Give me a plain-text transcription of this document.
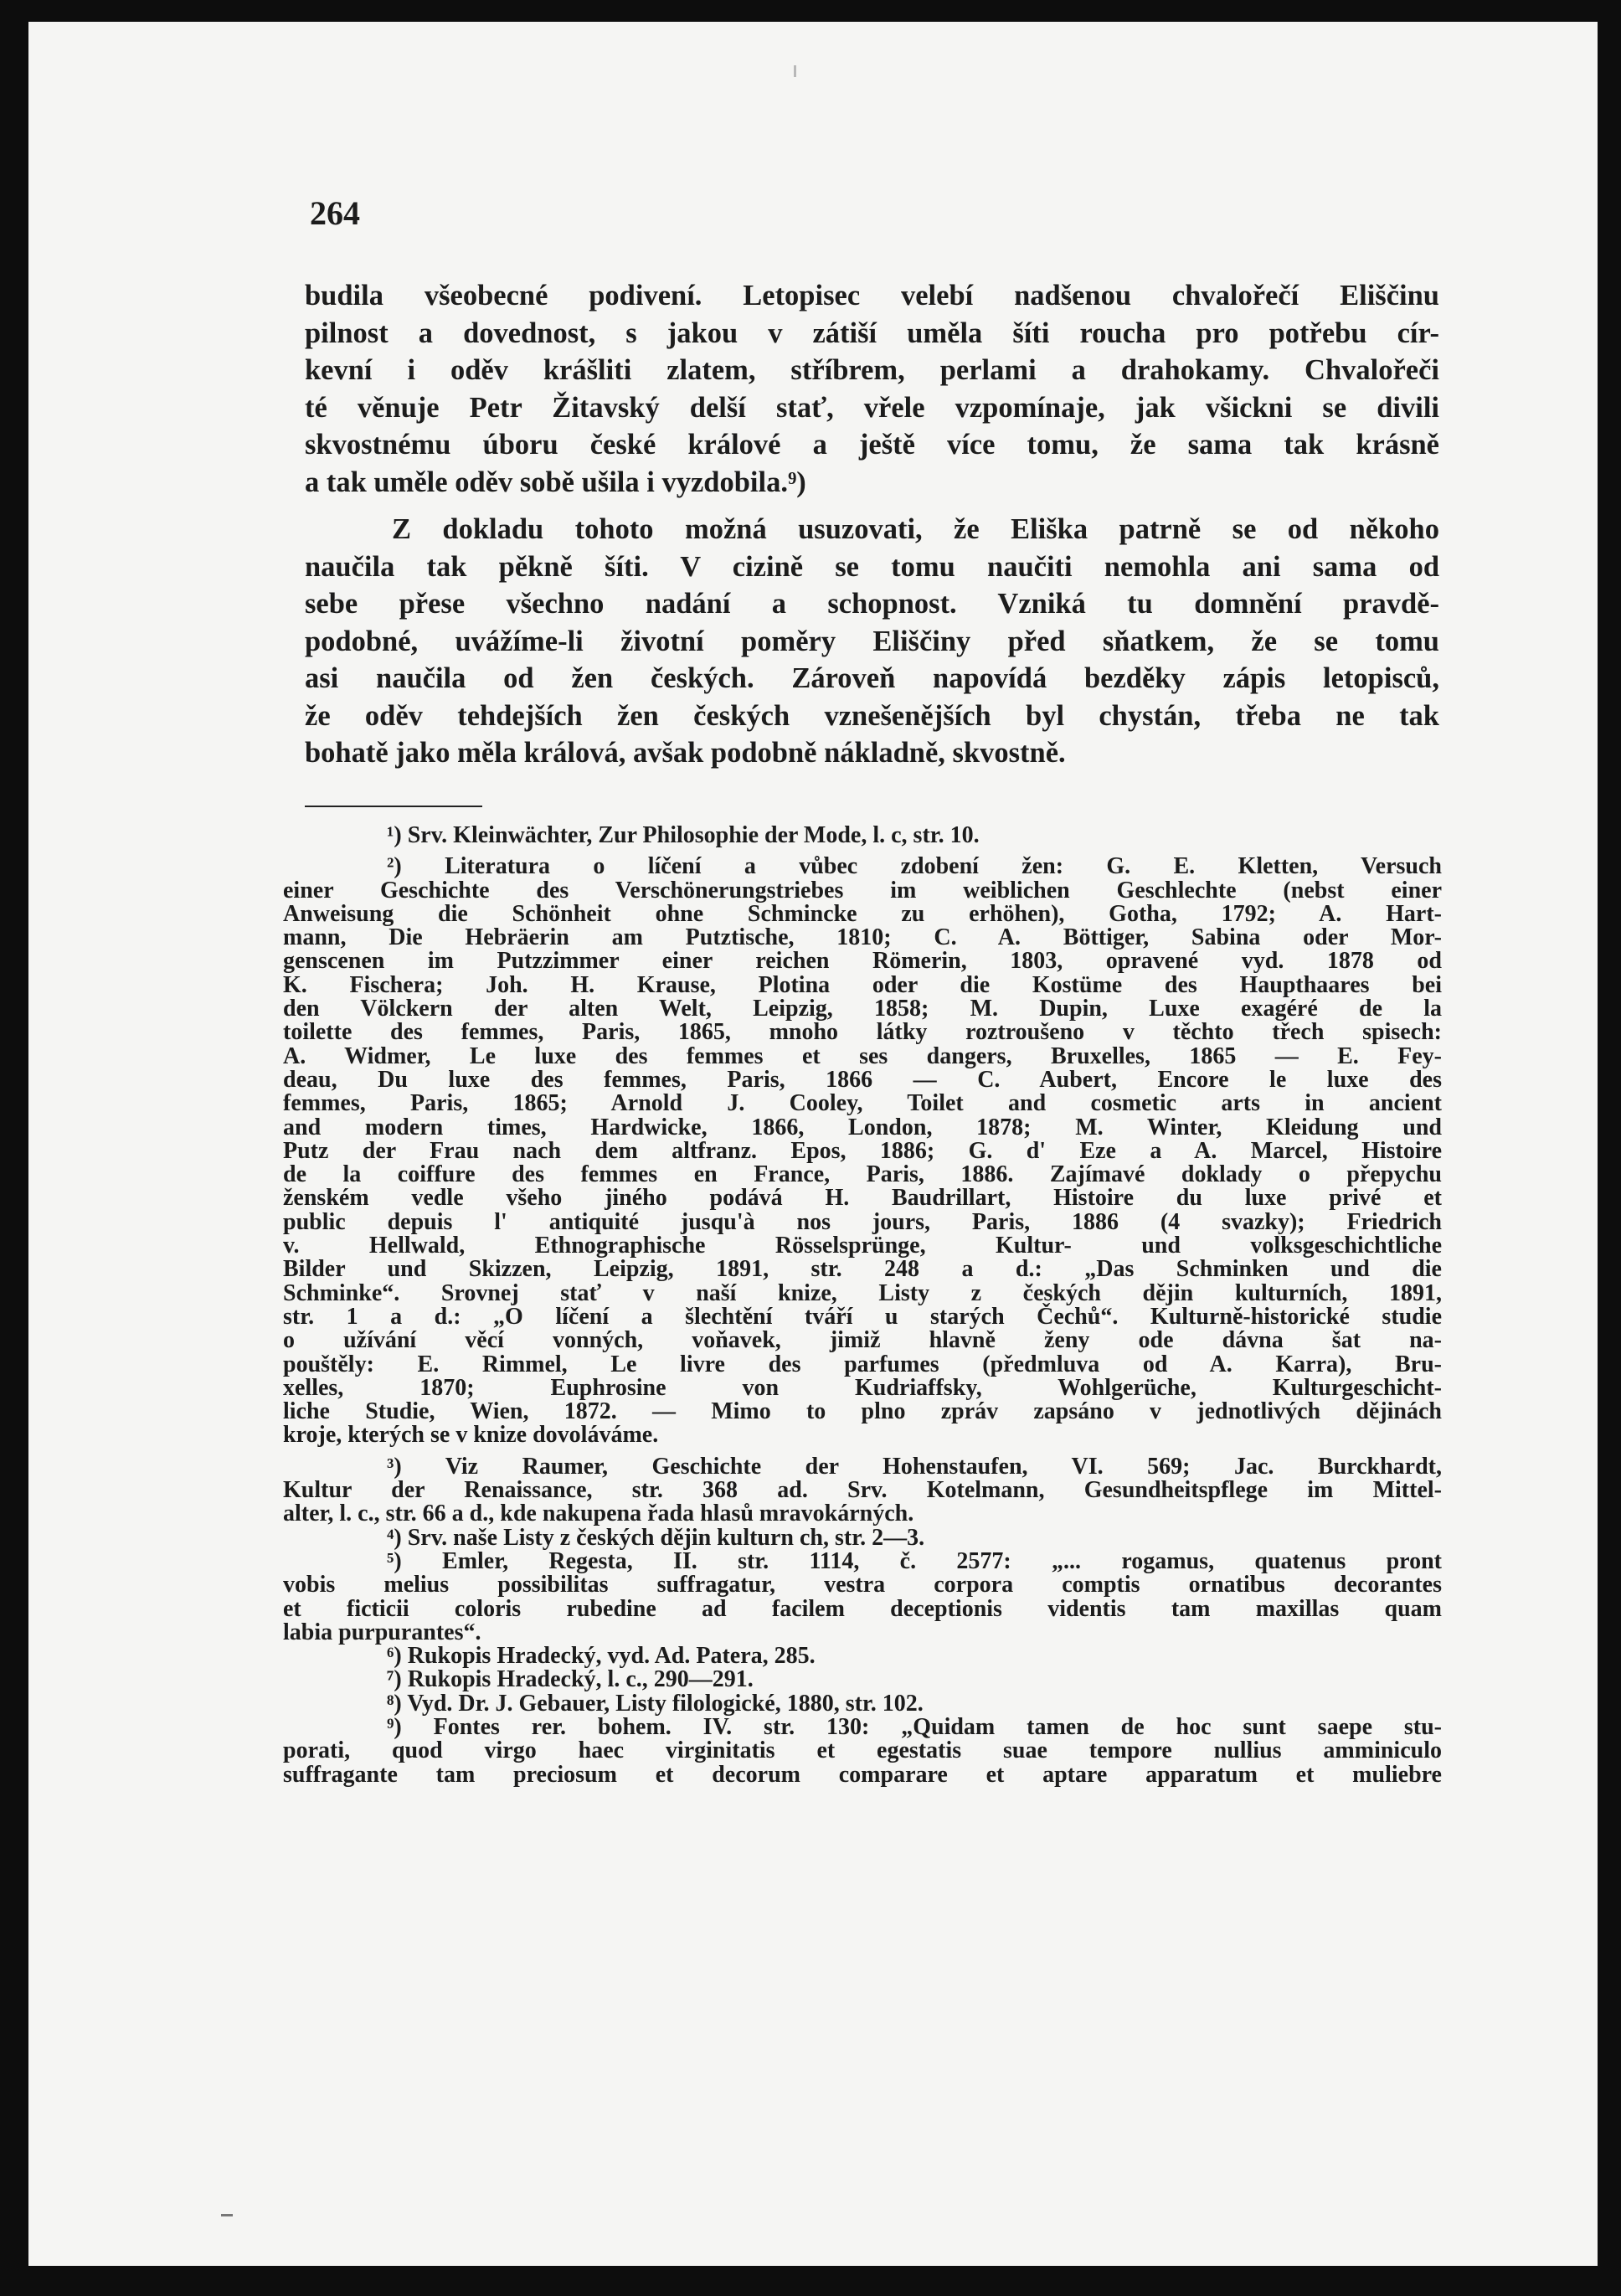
264

budila všeobecné podivení. Letopisec velebí nadšenou chvalořečí Eliščinu

pilnost a dovednost, s jakou v zátiší uměla šíti roucha pro potřebu cír-

kevní i oděv krášliti zlatem, stříbrem, perlami a drahokamy. Chvalořeči

té věnuje Petr Žitavský delší stať, vřele vzpomínaje, jak všickni se divili

skvostnému úboru české králové a ještě více tomu, že sama tak krásně

a tak uměle oděv sobě ušila i vyzdobila.⁹)

Z dokladu tohoto možná usuzovati, že Eliška patrně se od někoho

naučila tak pěkně šíti. V cizině se tomu naučiti nemohla ani sama od

sebe přese všechno nadání a schopnost. Vzniká tu domnění pravdě-

podobné, uvážíme-li životní poměry Eliščiny před sňatkem, že se tomu

asi naučila od žen českých. Zároveň napovídá bezděky zápis letopisců,

že oděv tehdejších žen českých vznešenějších byl chystán, třeba ne tak

bohatě jako měla králová, avšak podobně nákladně, skvostně.

¹) Srv. Kleinwächter, Zur Philosophie der Mode, l. c, str. 10.

²) Literatura o líčení a vůbec zdobení žen: G. E. Kletten, Versuch

einer Geschichte des Verschönerungstriebes im weiblichen Geschlechte (nebst einer

Anweisung die Schönheit ohne Schmincke zu erhöhen), Gotha, 1792; A. Hart-

mann, Die Hebräerin am Putztische, 1810; C. A. Böttiger, Sabina oder Mor-

genscenen im Putzzimmer einer reichen Römerin, 1803, opravené vyd. 1878 od

K. Fischera; Joh. H. Krause, Plotina oder die Kostüme des Haupthaares bei

den Völckern der alten Welt, Leipzig, 1858; M. Dupin, Luxe exagéré de la

toilette des femmes, Paris, 1865, mnoho látky roztroušeno v těchto třech spisech:

A. Widmer, Le luxe des femmes et ses dangers, Bruxelles, 1865 — E. Fey-

deau, Du luxe des femmes, Paris, 1866 — C. Aubert, Encore le luxe des

femmes, Paris, 1865; Arnold J. Cooley, Toilet and cosmetic arts in ancient

and modern times, Hardwicke, 1866, London, 1878; M. Winter, Kleidung und

Putz der Frau nach dem altfranz. Epos, 1886; G. d' Eze a A. Marcel, Histoire

de la coiffure des femmes en France, Paris, 1886. Zajímavé doklady o přepychu

ženském vedle všeho jiného podává H. Baudrillart, Histoire du luxe privé et

public depuis l' antiquité jusqu'à nos jours, Paris, 1886 (4 svazky); Friedrich

v. Hellwald, Ethnographische Rösselsprünge, Kultur- und volksgeschichtliche

Bilder und Skizzen, Leipzig, 1891, str. 248 a d.: „Das Schminken und die

Schminke“. Srovnej stať v naší knize, Listy z českých dějin kulturních, 1891,

str. 1 a d.: „O líčení a šlechtění tváří u starých Čechů“. Kulturně-historické studie

o užívání věcí vonných, voňavek, jimiž hlavně ženy ode dávna šat na-

pouštěly: E. Rimmel, Le livre des parfumes (předmluva od A. Karra), Bru-

xelles, 1870; Euphrosine von Kudriaffsky, Wohlgerüche, Kulturgeschicht-

liche Studie, Wien, 1872. — Mimo to plno zpráv zapsáno v jednotlivých dějinách

kroje, kterých se v knize dovoláváme.

³) Viz Raumer, Geschichte der Hohenstaufen, VI. 569; Jac. Burckhardt,

Kultur der Renaissance, str. 368 ad. Srv. Kotelmann, Gesundheitspflege im Mittel-

alter, l. c., str. 66 a d., kde nakupena řada hlasů mravokárných.

⁴) Srv. naše Listy z českých dějin kulturn ch, str. 2—3.

⁵) Emler, Regesta, II. str. 1114, č. 2577: „... rogamus, quatenus pront

vobis melius possibilitas suffragatur, vestra corpora comptis ornatibus decorantes

et ficticii coloris rubedine ad facilem deceptionis videntis tam maxillas quam

labia purpurantes“.

⁶) Rukopis Hradecký, vyd. Ad. Patera, 285.

⁷) Rukopis Hradecký, l. c., 290—291.

⁸) Vyd. Dr. J. Gebauer, Listy filologické, 1880, str. 102.

⁹) Fontes rer. bohem. IV. str. 130: „Quidam tamen de hoc sunt saepe stu-

porati, quod virgo haec virginitatis et egestatis suae tempore nullius amminiculo

suffragante tam preciosum et decorum comparare et aptare apparatum et muliebre
